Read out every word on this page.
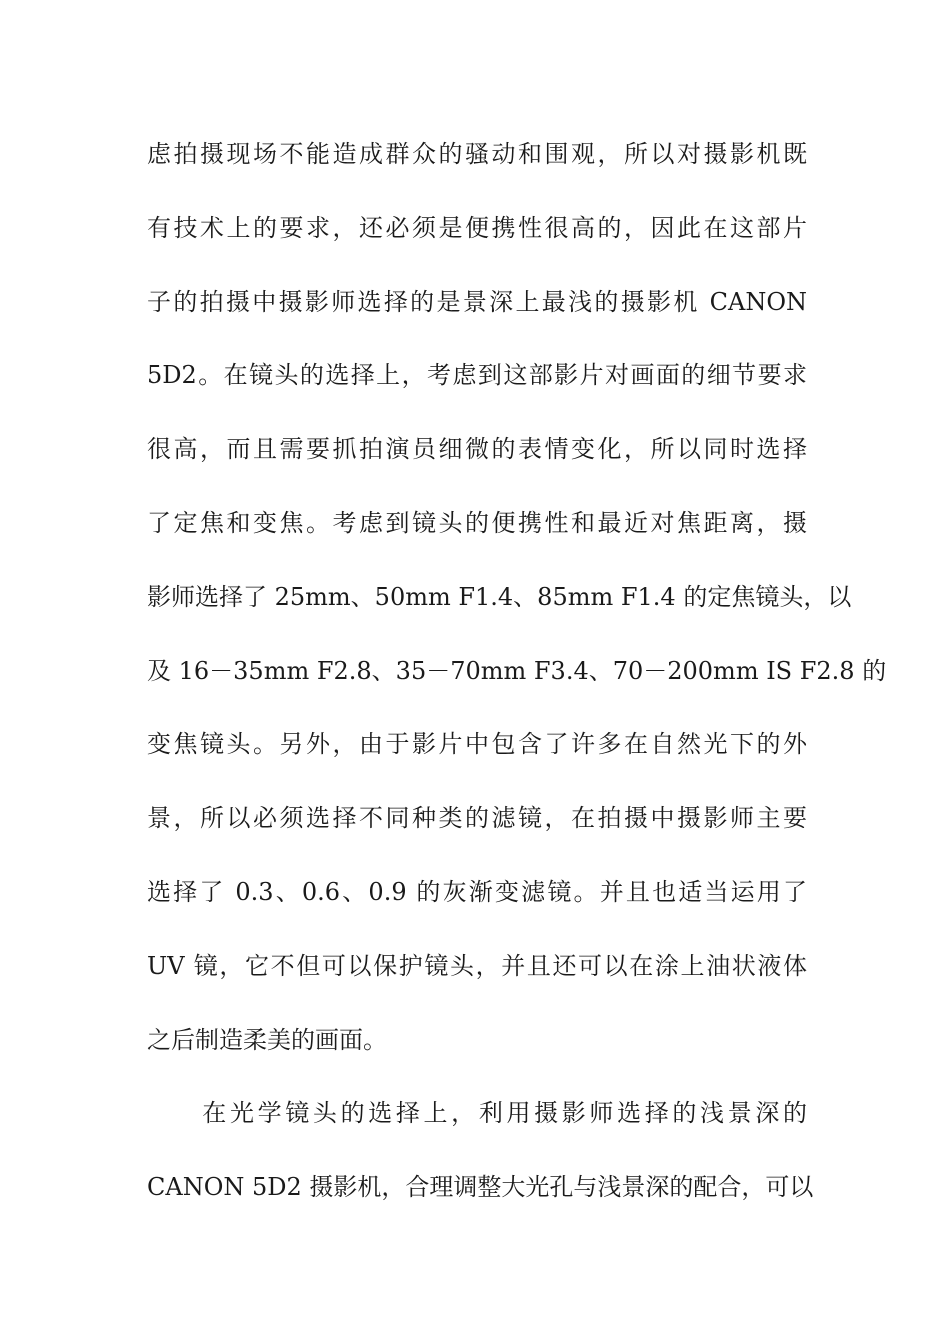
虑拍摄现场不能造成群众的骚动和围观，所以对摄影机既
有技术上的要求，还必须是便携性很高的，因此在这部片
子的拍摄中摄影师选择的是景深上最浅的摄影机 CANON
5D2。在镜头的选择上，考虑到这部影片对画面的细节要求
很高，而且需要抓拍演员细微的表情变化，所以同时选择
了定焦和变焦。考虑到镜头的便携性和最近对焦距离，摄
影师选择了 25mm、50mm F1.4、85mm F1.4 的定焦镜头，以
及 16－35mm F2.8、35－70mm F3.4、70－200mm IS F2.8 的
变焦镜头。另外，由于影片中包含了许多在自然光下的外
景，所以必须选择不同种类的滤镜，在拍摄中摄影师主要
选择了 0.3、0.6、0.9 的灰渐变滤镜。并且也适当运用了
UV 镜，它不但可以保护镜头，并且还可以在涂上油状液体
之后制造柔美的画面。
　　在光学镜头的选择上，利用摄影师选择的浅景深的
CANON 5D2 摄影机，合理调整大光孔与浅景深的配合，可以
